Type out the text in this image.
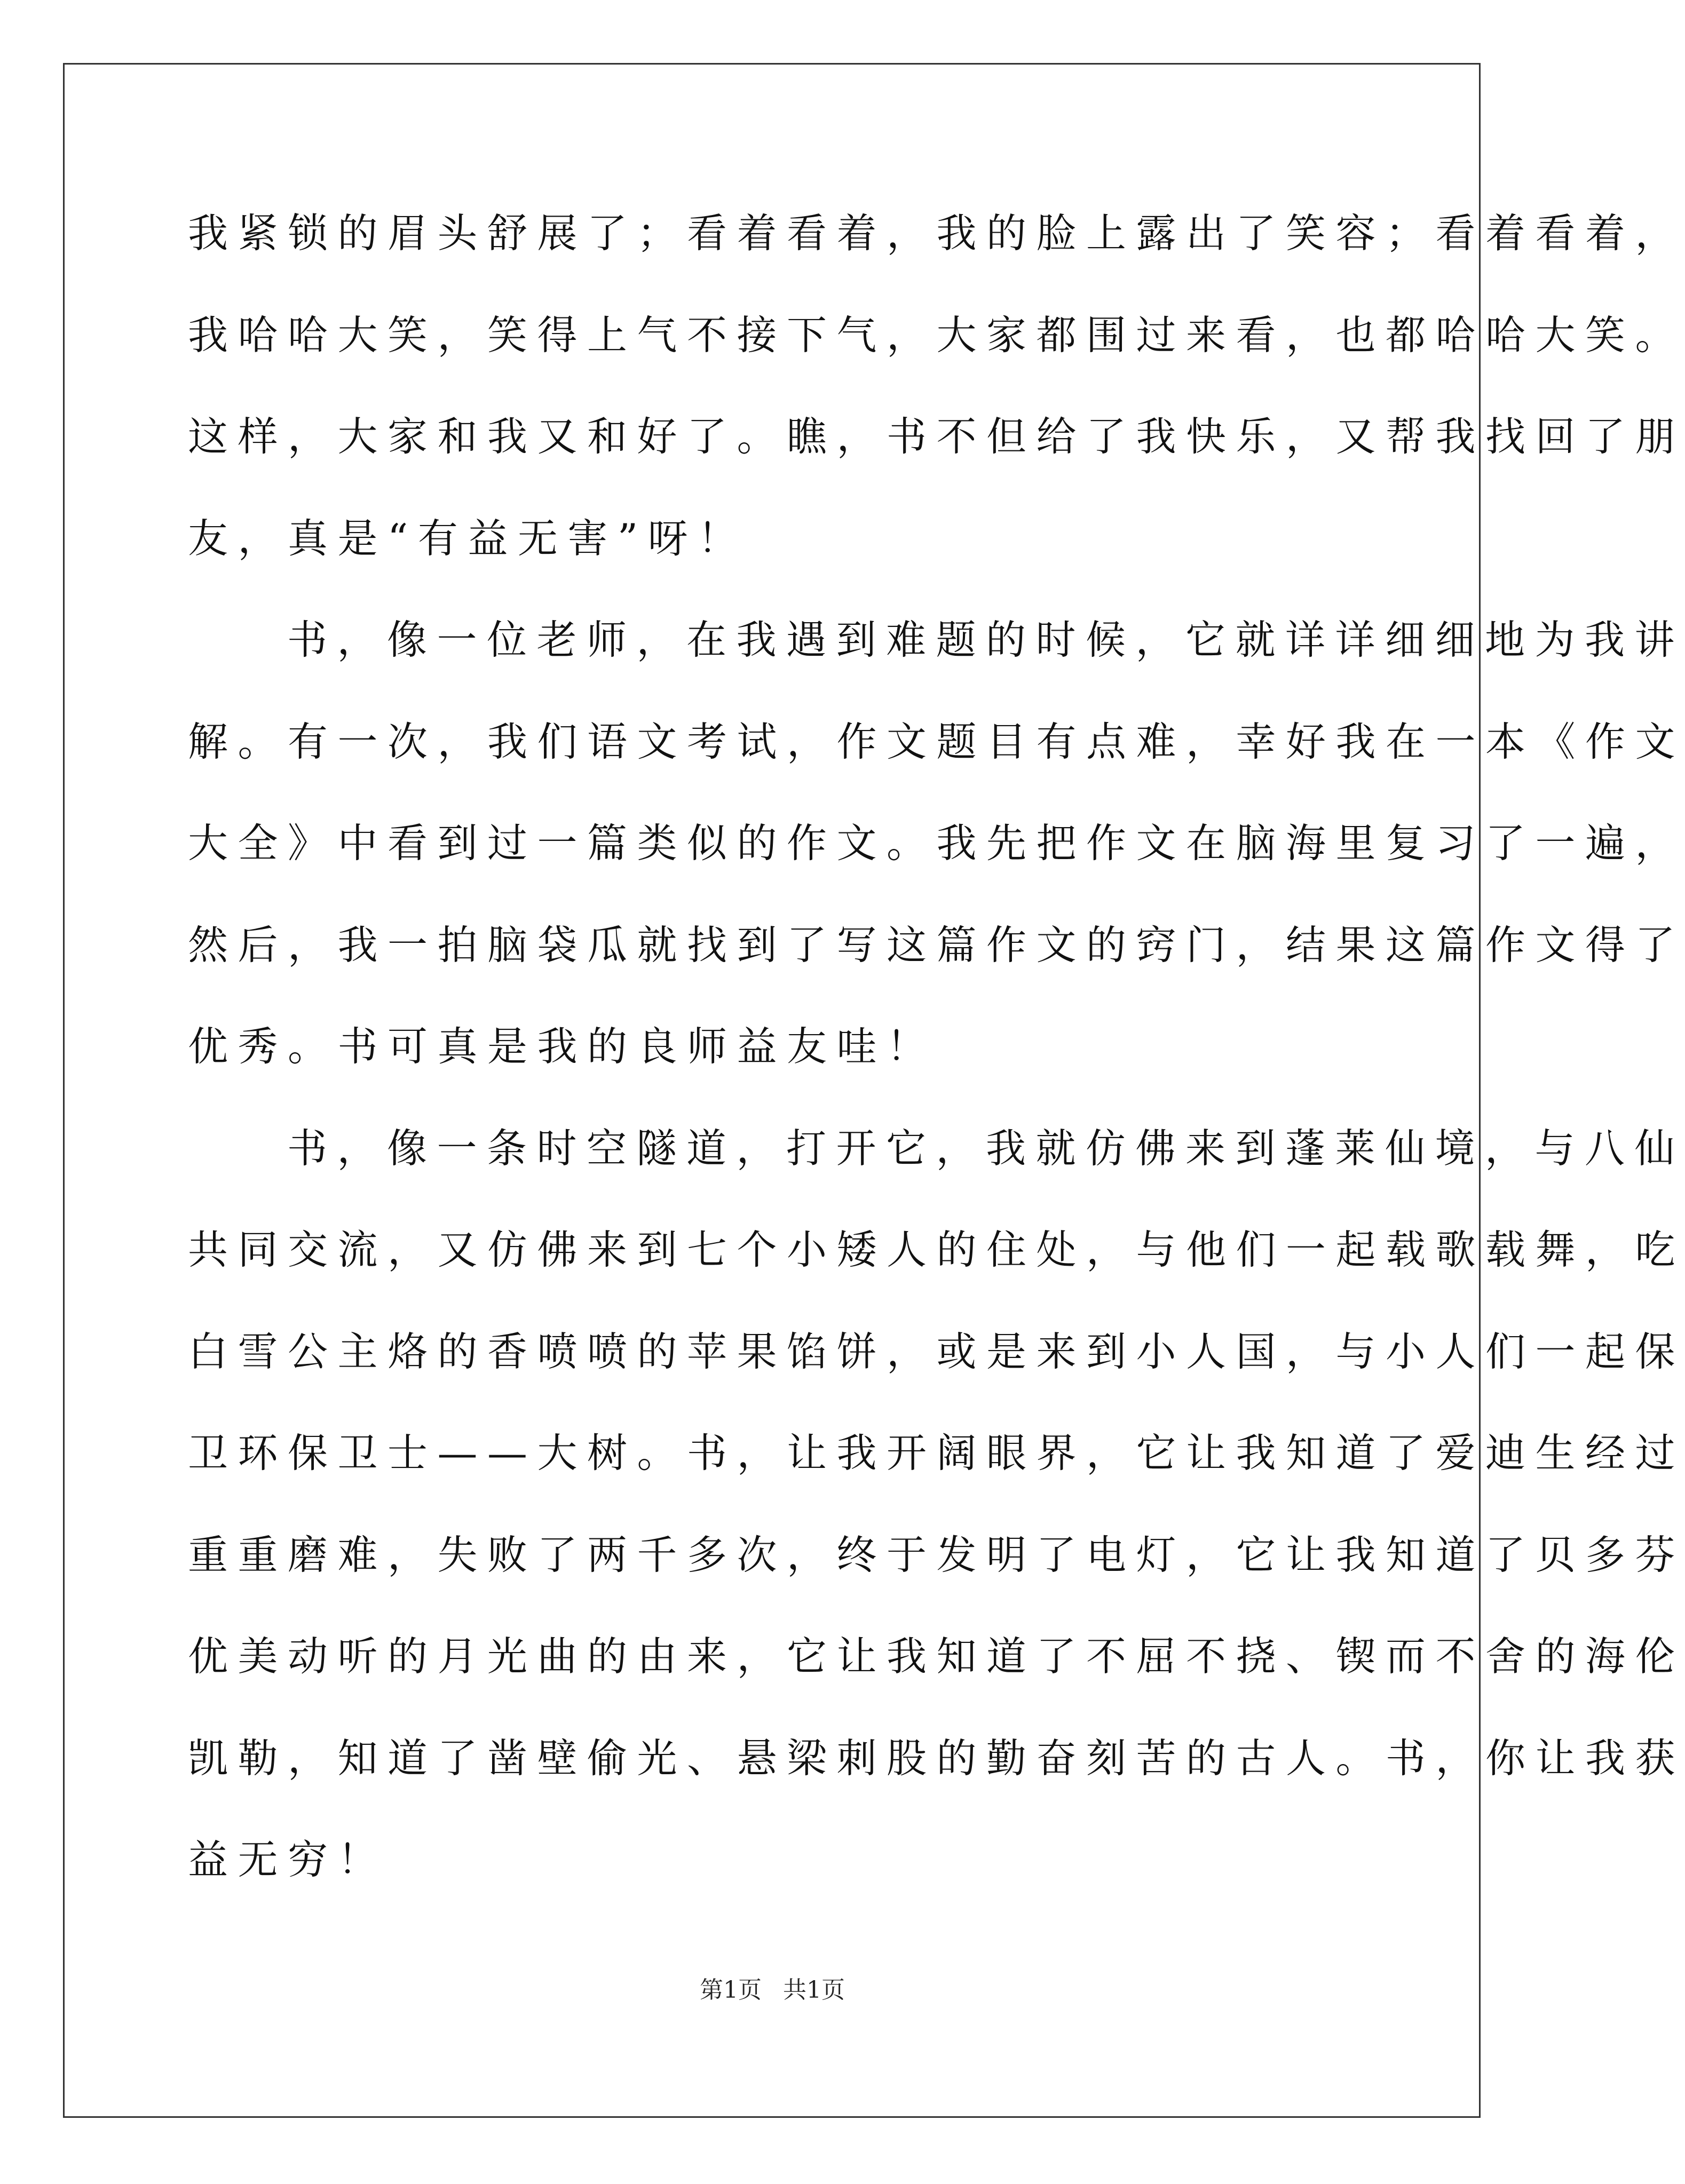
我紧锁的眉头舒展了；看着看着，我的脸上露出了笑容；看着看着，
我哈哈大笑，笑得上气不接下气，大家都围过来看，也都哈哈大笑。
这样，大家和我又和好了。瞧，书不但给了我快乐，又帮我找回了朋
友，真是“有益无害”呀！
书，像一位老师，在我遇到难题的时候，它就详详细细地为我讲
解。有一次，我们语文考试，作文题目有点难，幸好我在一本《作文
大全》中看到过一篇类似的作文。我先把作文在脑海里复习了一遍，
然后，我一拍脑袋瓜就找到了写这篇作文的窍门，结果这篇作文得了
优秀。书可真是我的良师益友哇！
书，像一条时空隧道，打开它，我就仿佛来到蓬莱仙境，与八仙
共同交流，又仿佛来到七个小矮人的住处，与他们一起载歌载舞，吃
白雪公主烙的香喷喷的苹果馅饼，或是来到小人国，与小人们一起保
卫环保卫士——大树。书，让我开阔眼界，它让我知道了爱迪生经过
重重磨难，失败了两千多次，终于发明了电灯，它让我知道了贝多芬
优美动听的月光曲的由来，它让我知道了不屈不挠、锲而不舍的海伦
凯勒，知道了凿壁偷光、悬梁刺股的勤奋刻苦的古人。书，你让我获
益无穷！
第1页 共1页
